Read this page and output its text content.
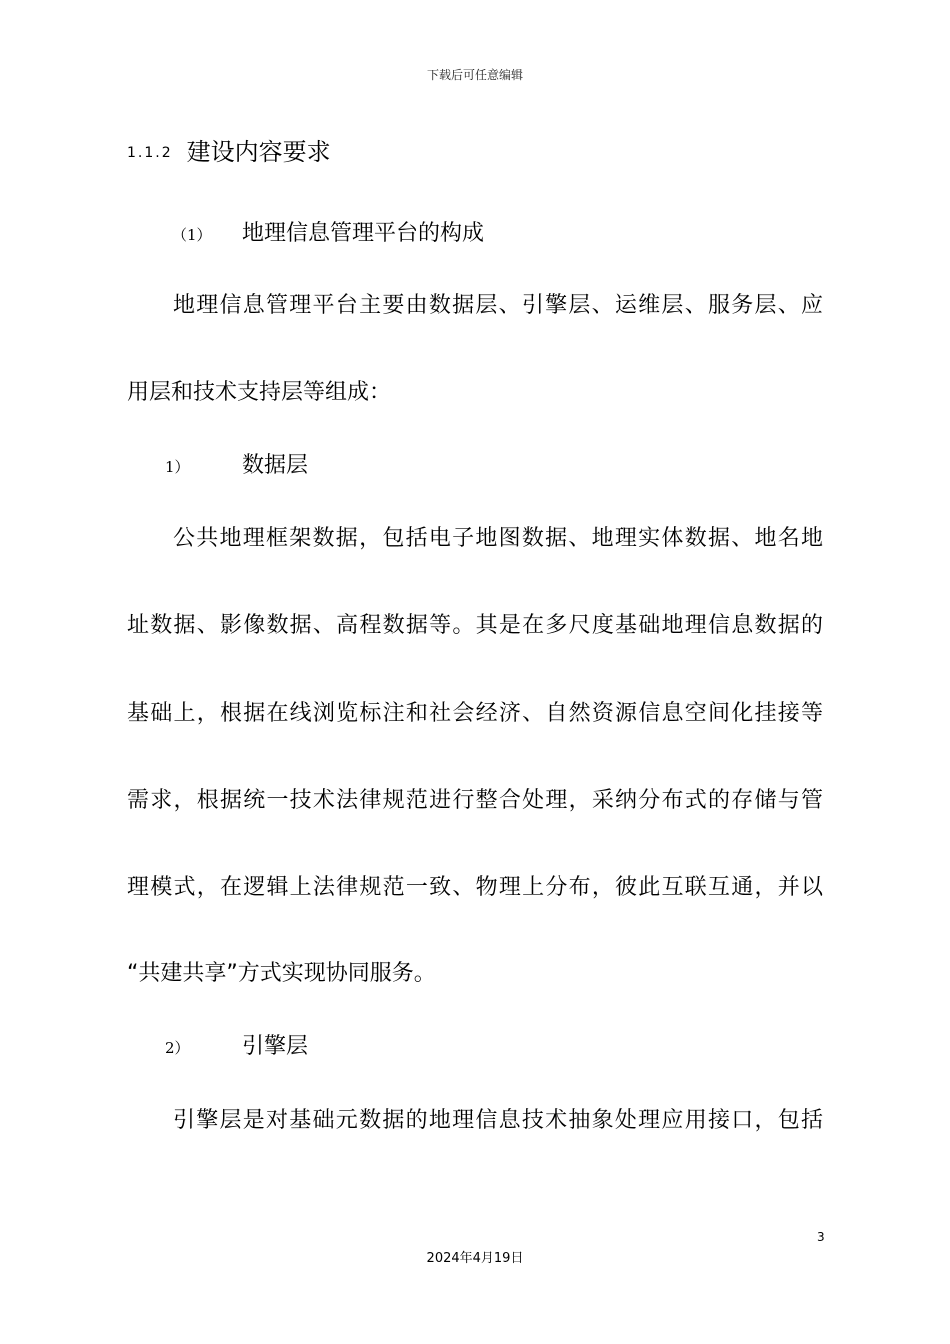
下载后可任意编辑
1.1.2 建设内容要求
（1） 地理信息管理平台的构成
地理信息管理平台主要由数据层、引擎层、运维层、服务层、应
用层和技术支持层等组成：
1） 数据层
公共地理框架数据，包括电子地图数据、地理实体数据、地名地
址数据、影像数据、高程数据等。其是在多尺度基础地理信息数据的
基础上，根据在线浏览标注和社会经济、自然资源信息空间化挂接等
需求，根据统一技术法律规范进行整合处理，采纳分布式的存储与管
理模式，在逻辑上法律规范一致、物理上分布，彼此互联互通，并以
“共建共享”方式实现协同服务。
2） 引擎层
引擎层是对基础元数据的地理信息技术抽象处理应用接口，包括
3
2024年4月19日
